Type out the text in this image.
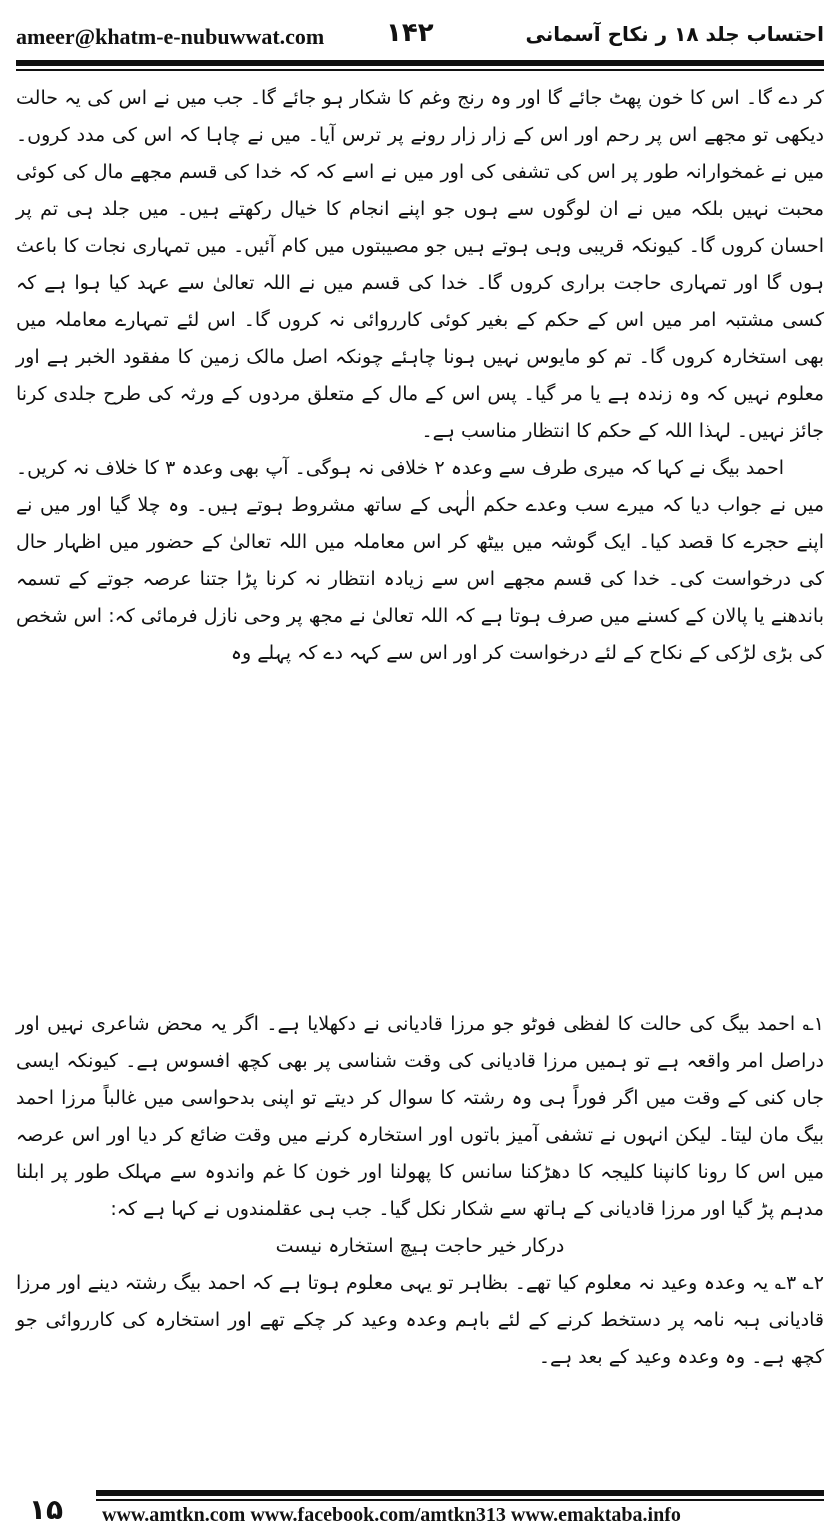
ameer@khatm-e-nubuwwat.com ۱۴۲	احتساب جلد ۱۸ ر نکاح آسمانی

کر دے گا۔ اس کا خون پھٹ جائے گا اور وہ رنج وغم کا شکار ہو جائے گا۔ جب میں نے اس کی یہ حالت دیکھی تو مجھے اس پر رحم اور اس کے زار زار رونے پر ترس آیا۔ میں نے چاہا کہ اس کی مدد کروں۔ میں نے غمخوارانہ طور پر اس کی تشفی کی اور میں نے اسے کہ کہ خدا کی قسم مجھے مال کی کوئی محبت نہیں بلکہ میں نے ان لوگوں سے ہوں جو اپنے انجام کا خیال رکھتے ہیں۔ میں جلد ہی تم پر احسان کروں گا۔ کیونکہ قریبی وہی ہوتے ہیں جو مصیبتوں میں کام آئیں۔ میں تمہاری نجات کا باعث ہوں گا اور تمہاری حاجت براری کروں گا۔ خدا کی قسم میں نے اللہ تعالیٰ سے عہد کیا ہوا ہے کہ کسی مشتبہ امر میں اس کے حکم کے بغیر کوئی کارروائی نہ کروں گا۔ اس لئے تمہارے معاملہ میں بھی استخارہ کروں گا۔ تم کو مایوس نہیں ہونا چاہئے چونکہ اصل مالک زمین کا مفقود الخبر ہے اور معلوم نہیں کہ وہ زندہ ہے یا مر گیا۔ پس اس کے مال کے متعلق مردوں کے ورثہ کی طرح جلدی کرنا جائز نہیں۔ لہذا اللہ کے حکم کا انتظار مناسب ہے۔

احمد بیگ نے کہا کہ میری طرف سے وعدہ ۲ خلافی نہ ہوگی۔ آپ بھی وعدہ ۳ کا خلاف نہ کریں۔ میں نے جواب دیا کہ میرے سب وعدے حکم الٰہی کے ساتھ مشروط ہوتے ہیں۔ وہ چلا گیا اور میں نے اپنے حجرے کا قصد کیا۔ ایک گوشہ میں بیٹھ کر اس معاملہ میں اللہ تعالیٰ کے حضور میں اظہار حال کی درخواست کی۔ خدا کی قسم مجھے اس سے زیادہ انتظار نہ کرنا پڑا جتنا عرصہ جوتے کے تسمہ باندھنے یا پالان کے کسنے میں صرف ہوتا ہے کہ اللہ تعالیٰ نے مجھ پر وحی نازل فرمائی کہ: اس شخص کی بڑی لڑکی کے نکاح کے لئے درخواست کر اور اس سے کہہ دے کہ پہلے وہ

۱؎ احمد بیگ کی حالت کا لفظی فوٹو جو مرزا قادیانی نے دکھلایا ہے۔ اگر یہ محض شاعری نہیں اور دراصل امر واقعہ ہے تو ہمیں مرزا قادیانی کی وقت شناسی پر بھی کچھ افسوس ہے۔ کیونکہ ایسی جاں کنی کے وقت میں اگر فوراً ہی وہ رشتہ کا سوال کر دیتے تو اپنی بدحواسی میں غالباً مرزا احمد بیگ مان لیتا۔ لیکن انہوں نے تشفی آمیز باتوں اور استخارہ کرنے میں وقت ضائع کر دیا اور اس عرصہ میں اس کا رونا کانپنا کلیجہ کا دھڑکنا سانس کا پھولنا اور خون کا غم واندوہ سے مہلک طور پر ابلنا مدہم پڑ گیا اور مرزا قادیانی کے ہاتھ سے شکار نکل گیا۔ جب ہی عقلمندوں نے کہا ہے کہ:

درکار خیر حاجت ہیچ استخارہ نیست

۲؎ ۳؎ یہ وعدہ وعید نہ معلوم کیا تھے۔ بظاہر تو یہی معلوم ہوتا ہے کہ احمد بیگ رشتہ دینے اور مرزا قادیانی ہبہ نامہ پر دستخط کرنے کے لئے باہم وعدہ وعید کر چکے تھے اور استخارہ کی کارروائی جو کچھ ہے۔ وہ وعدہ وعید کے بعد ہے۔

۱۵	www.amtkn.com www.facebook.com/amtkn313 www.emaktaba.info
